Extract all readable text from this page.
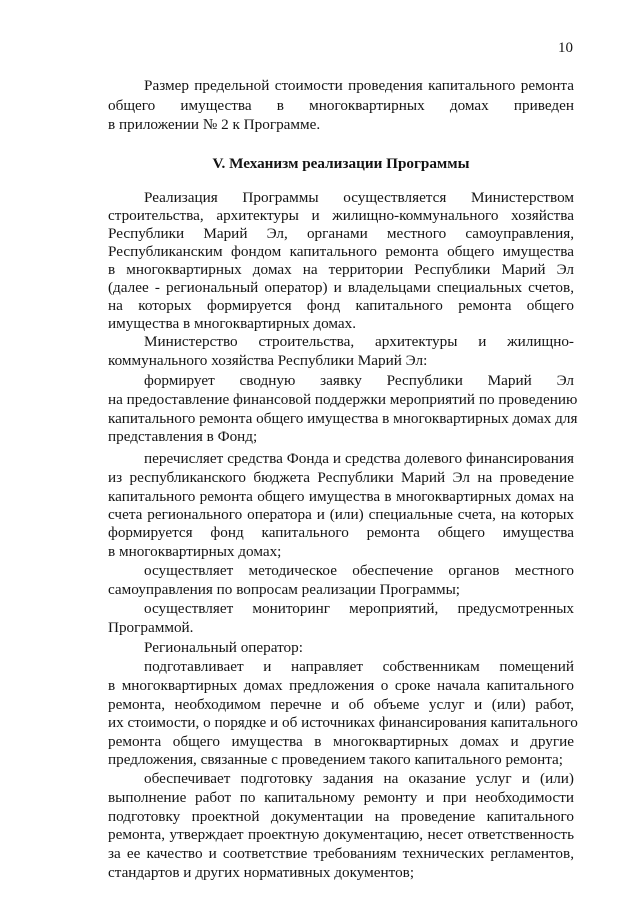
10
V. Механизм реализации Программы
Размер предельной стоимости проведения капитального ремонта
общего имущества в многоквартирных домах приведен
в приложении № 2 к Программе.
Реализация Программы осуществляется Министерством
строительства, архитектуры и жилищно-коммунального хозяйства
Республики Марий Эл, органами местного самоуправления,
Республиканским фондом капитального ремонта общего имущества
в многоквартирных домах на территории Республики Марий Эл
(далее - региональный оператор) и владельцами специальных счетов,
на которых формируется фонд капитального ремонта общего
имущества в многоквартирных домах.
Министерство строительства, архитектуры и жилищно-
коммунального хозяйства Республики Марий Эл:
формирует сводную заявку Республики Марий Эл
на предоставление финансовой поддержки мероприятий по проведению
капитального ремонта общего имущества в многоквартирных домах для
представления в Фонд;
перечисляет средства Фонда и средства долевого финансирования
из республиканского бюджета Республики Марий Эл на проведение
капитального ремонта общего имущества в многоквартирных домах на
счета регионального оператора и (или) специальные счета, на которых
формируется фонд капитального ремонта общего имущества
в многоквартирных домах;
осуществляет методическое обеспечение органов местного
самоуправления по вопросам реализации Программы;
осуществляет мониторинг мероприятий, предусмотренных
Программой.
Региональный оператор:
подготавливает и направляет собственникам помещений
в многоквартирных домах предложения о сроке начала капитального
ремонта, необходимом перечне и об объеме услуг и (или) работ,
их стоимости, о порядке и об источниках финансирования капитального
ремонта общего имущества в многоквартирных домах и другие
предложения, связанные с проведением такого капитального ремонта;
обеспечивает подготовку задания на оказание услуг и (или)
выполнение работ по капитальному ремонту и при необходимости
подготовку проектной документации на проведение капитального
ремонта, утверждает проектную документацию, несет ответственность
за ее качество и соответствие требованиям технических регламентов,
стандартов и других нормативных документов;
